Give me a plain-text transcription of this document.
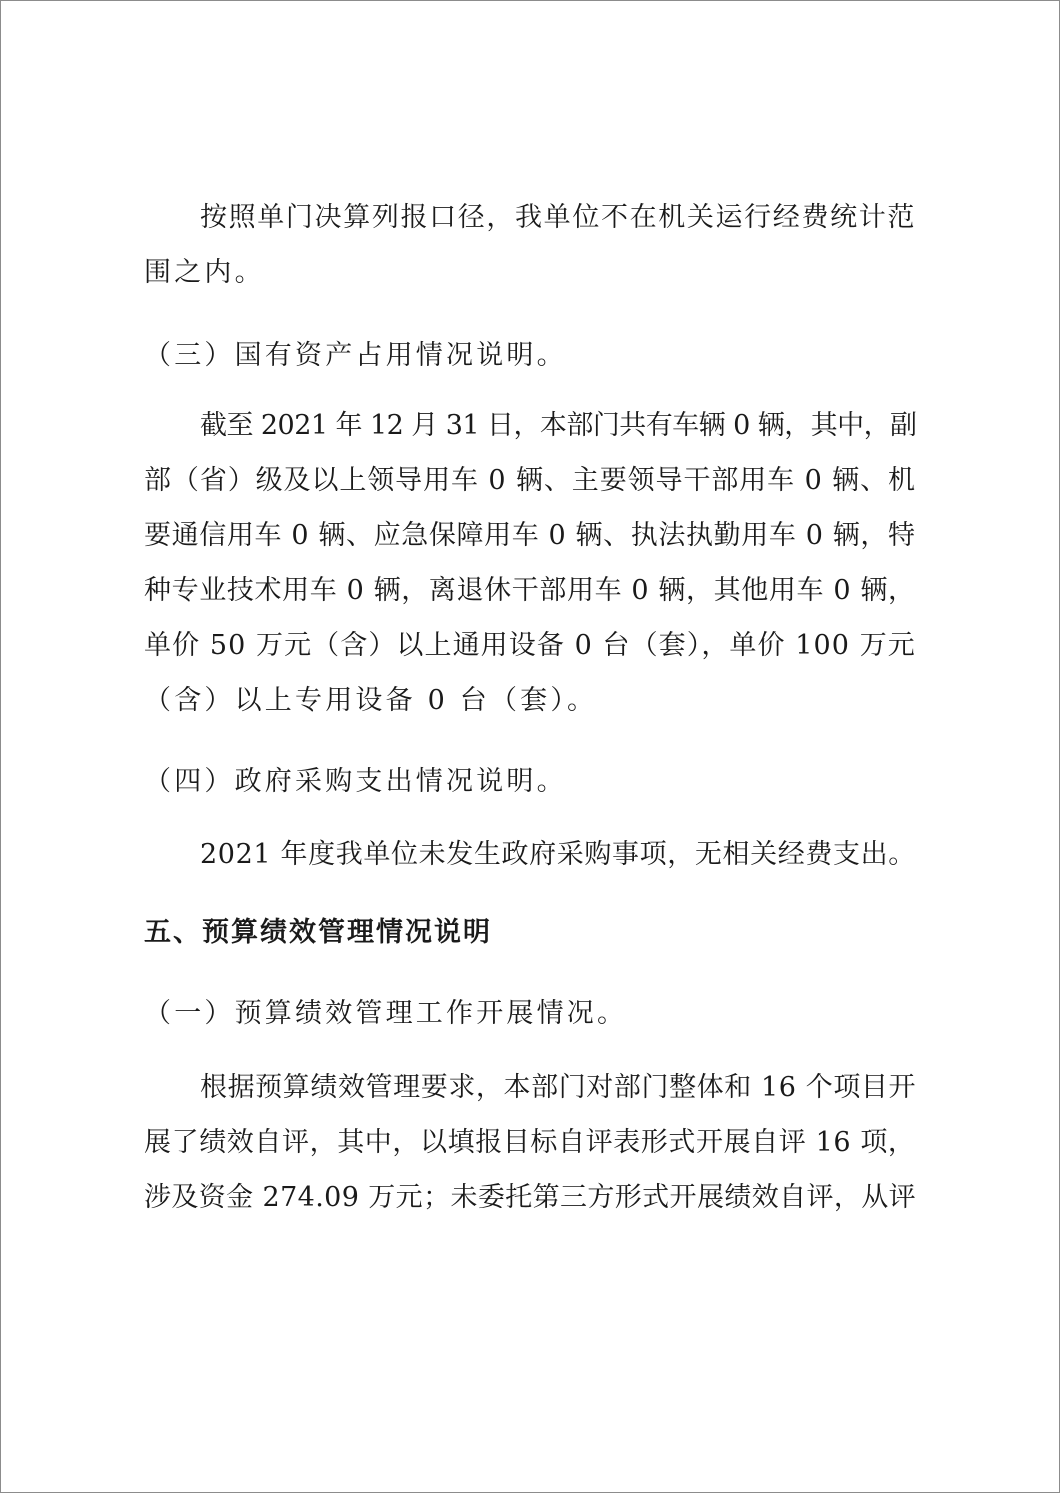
按照单门决算列报口径，我单位不在机关运行经费统计范
围之内。
（三）国有资产占用情况说明。
截至 2021 年 12 月 31 日，本部门共有车辆 0 辆，其中，副
部（省）级及以上领导用车 0 辆、主要领导干部用车 0 辆、机
要通信用车 0 辆、应急保障用车 0 辆、执法执勤用车 0 辆，特
种专业技术用车 0 辆，离退休干部用车 0 辆，其他用车 0 辆，
单价 50 万元（含）以上通用设备 0 台（套），单价 100 万元
（含）以上专用设备 0 台（套）。
（四）政府采购支出情况说明。
2021 年度我单位未发生政府采购事项，无相关经费支出。
五、预算绩效管理情况说明
（一）预算绩效管理工作开展情况。
根据预算绩效管理要求，本部门对部门整体和 16 个项目开
展了绩效自评，其中，以填报目标自评表形式开展自评 16 项，
涉及资金 274.09 万元；未委托第三方形式开展绩效自评，从评
